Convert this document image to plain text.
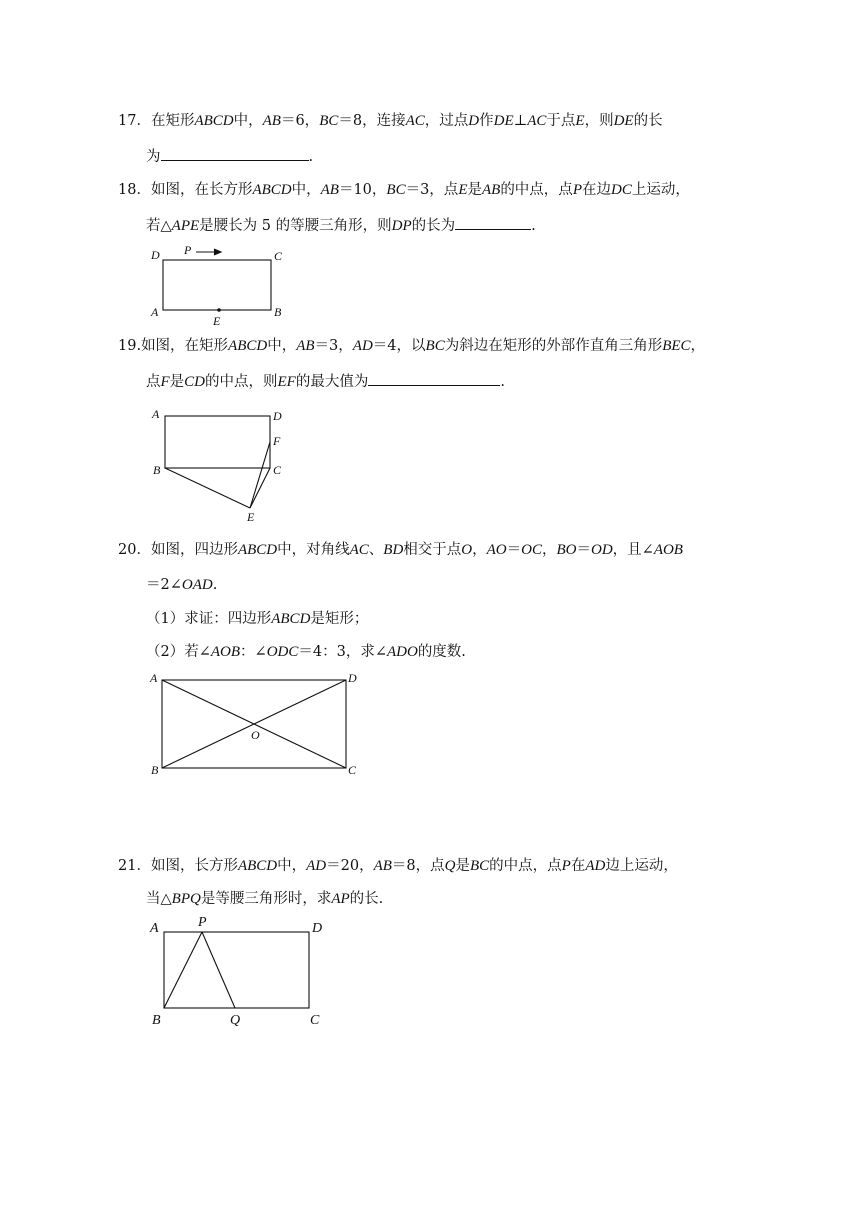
17．在矩形ABCD中，AB＝6，BC＝8，连接AC，过点D作DE⊥AC于点E，则DE的长
为	.
18．如图，在长方形ABCD中，AB＝10，BC＝3，点E是AB的中点，点P在边DC上运动，
若△APE是腰长为 5 的等腰三角形，则DP的长为	.
D P	C
A	B
E
19.如图，在矩形ABCD中，AB＝3，AD＝4，以BC为斜边在矩形的外部作直角三角形BEC，
点F是CD的中点，则EF的最大值为	.
A	D
F
B	C
E
20．如图，四边形ABCD中，对角线AC、BD相交于点O，AO＝OC，BO＝OD，且∠AOB
＝2∠OAD.
（1）求证：四边形ABCD是矩形；
（2）若∠AOB：∠ODC＝4：3，求∠ADO的度数.
A	D
O
B	C
21．如图，长方形ABCD中，AD＝20，AB＝8，点Q是BC的中点，点P在AD边上运动，
当△BPQ是等腰三角形时，求AP的长.
A	P	D
B	Q	C
